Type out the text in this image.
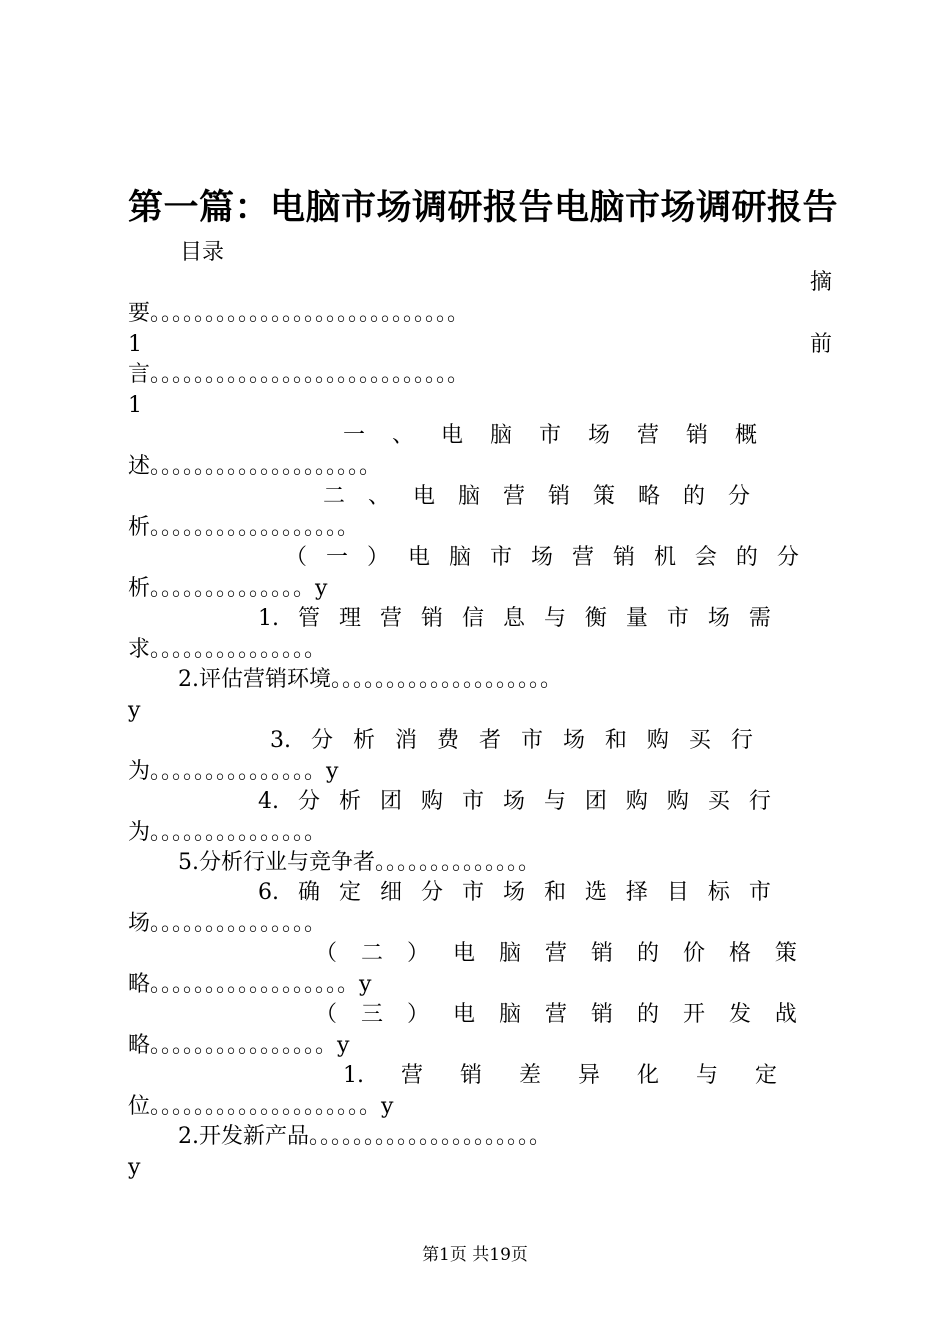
第一篇：电脑市场调研报告电脑市场调研报告
目录
摘
要。。。。。。。。。。。。。。。。。。。。。。。。。。。。
1	前
言。。。。。。。。。。。。。。。。。。。。。。。。。。。。
1
一 、 电 脑 市 场 营 销 概
述。。。。。。。。。。。。。。。。。。。。
二 、 电 脑 营 销 策 略 的 分
析。。。。。。。。。。。。。。。。。。
（ 一 ） 电 脑 市 场 营 销 机 会 的 分
析。。。。。。。。。。。。。。y
1. 管 理 营 销 信 息 与 衡 量 市 场 需
求。。。。。。。。。。。。。。。
2.评估营销环境。。。。。。。。。。。。。。。。。。。。
y
3. 分 析 消 费 者 市 场 和 购 买 行
为。。。。。。。。。。。。。。。y
4. 分 析 团 购 市 场 与 团 购 购 买 行
为。。。。。。。。。。。。。。。
5.分析行业与竞争者。。。。。。。。。。。。。。
6. 确 定 细 分 市 场 和 选 择 目 标 市
场。。。。。。。。。。。。。。。
（ 二 ） 电 脑 营 销 的 价 格 策
略。。。。。。。。。。。。。。。。。。y
（ 三 ） 电 脑 营 销 的 开 发 战
略。。。。。。。。。。。。。。。。y
1. 营 销 差 异 化 与 定
位。。。。。。。。。。。。。。。。。。。。y
2.开发新产品。。。。。。。。。。。。。。。。。。。。。
y
第1页 共19页
